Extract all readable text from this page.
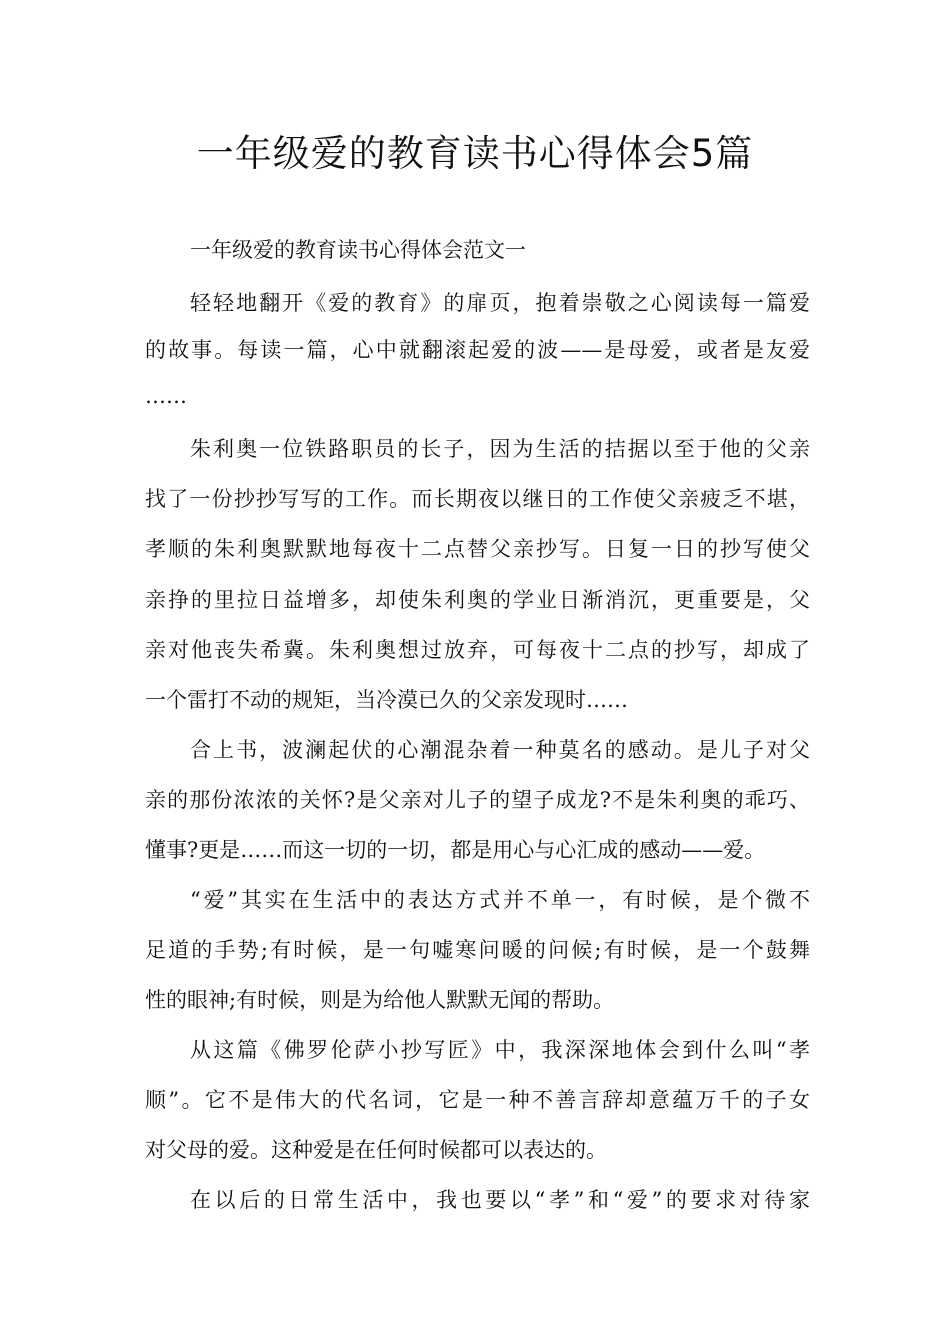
一年级爱的教育读书心得体会5篇
一年级爱的教育读书心得体会范文一
轻轻地翻开《爱的教育》的扉页，抱着崇敬之心阅读每一篇爱
的故事。每读一篇，心中就翻滚起爱的波——是母爱，或者是友爱
……
朱利奥一位铁路职员的长子，因为生活的拮据以至于他的父亲
找了一份抄抄写写的工作。而长期夜以继日的工作使父亲疲乏不堪，
孝顺的朱利奥默默地每夜十二点替父亲抄写。日复一日的抄写使父
亲挣的里拉日益增多，却使朱利奥的学业日渐消沉，更重要是，父
亲对他丧失希冀。朱利奥想过放弃，可每夜十二点的抄写，却成了
一个雷打不动的规矩，当冷漠已久的父亲发现时……
合上书，波澜起伏的心潮混杂着一种莫名的感动。是儿子对父
亲的那份浓浓的关怀?是父亲对儿子的望子成龙?不是朱利奥的乖巧、
懂事?更是……而这一切的一切，都是用心与心汇成的感动——爱。
“爱”其实在生活中的表达方式并不单一，有时候，是个微不
足道的手势;有时候，是一句嘘寒问暖的问候;有时候，是一个鼓舞
性的眼神;有时候，则是为给他人默默无闻的帮助。
从这篇《佛罗伦萨小抄写匠》中，我深深地体会到什么叫“孝
顺”。它不是伟大的代名词，它是一种不善言辞却意蕴万千的子女
对父母的爱。这种爱是在任何时候都可以表达的。
在以后的日常生活中，我也要以“孝”和“爱”的要求对待家
